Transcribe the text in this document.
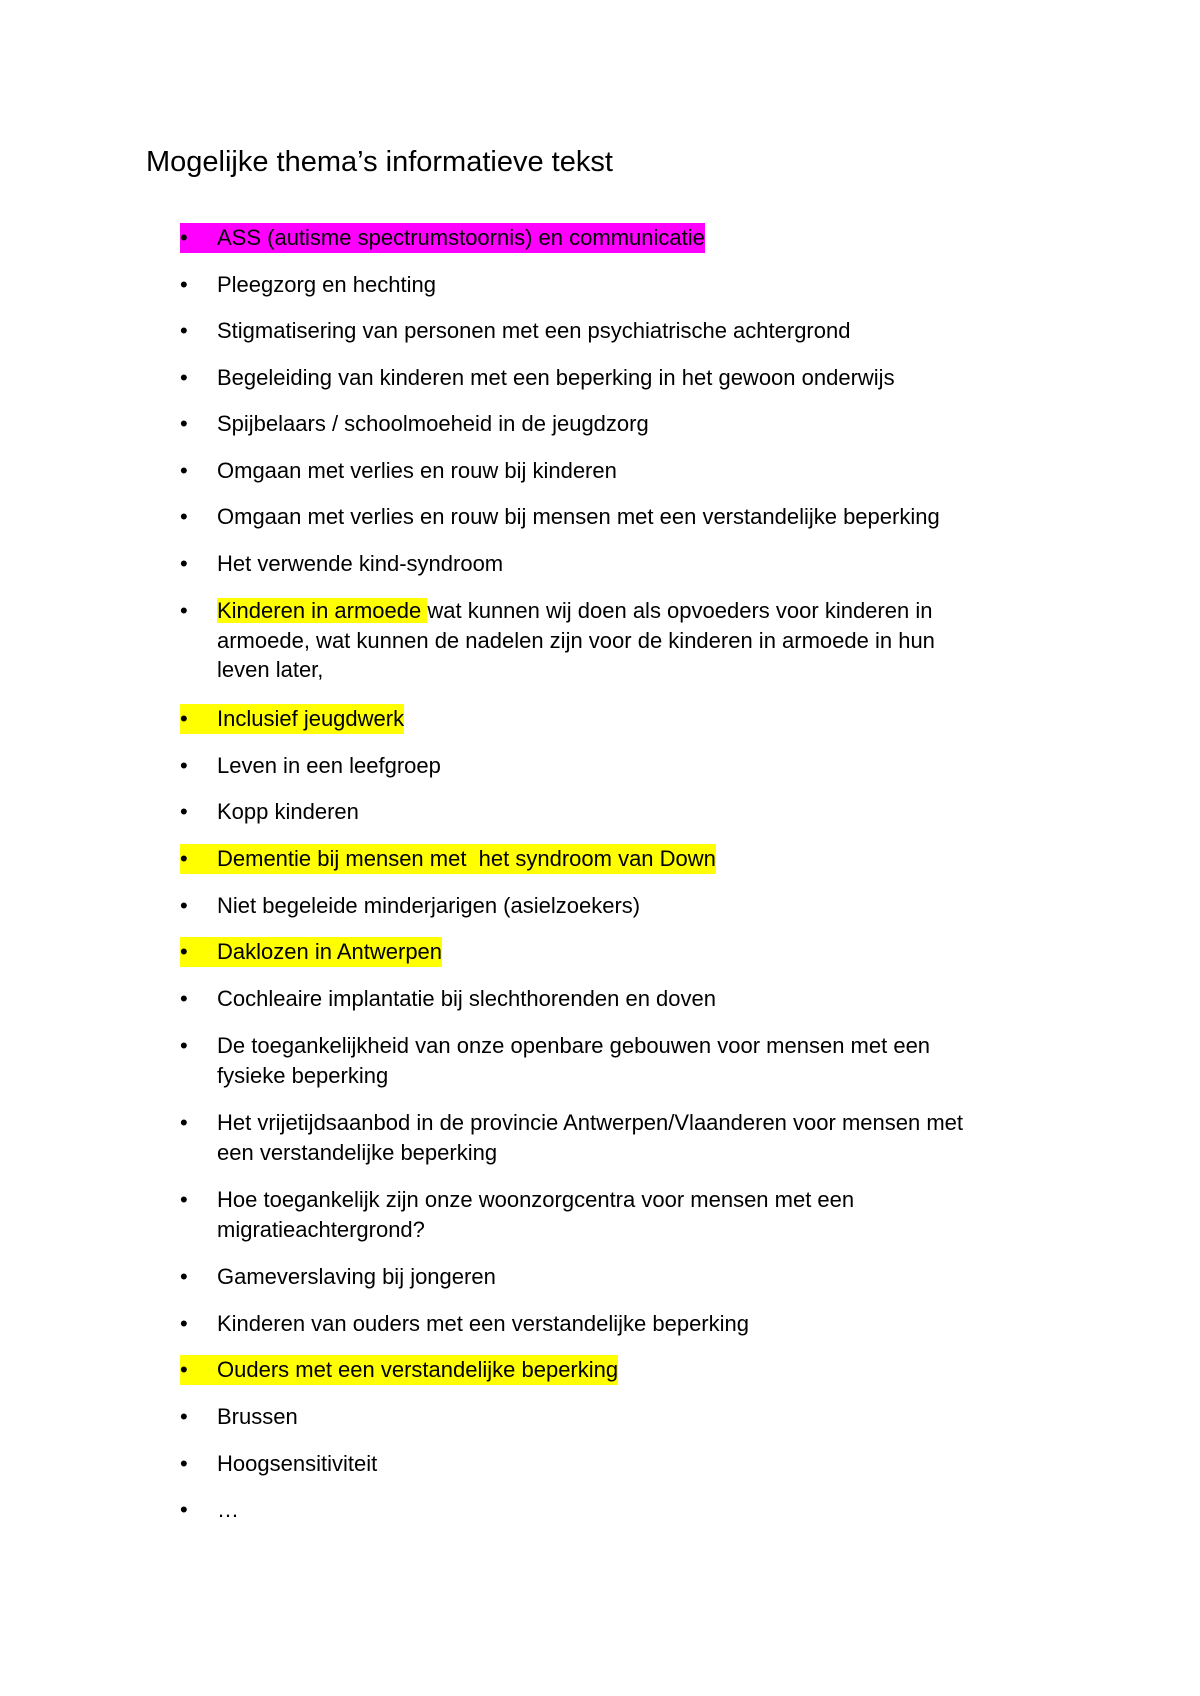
Mogelijke thema’s informatieve tekst
• ASS (autisme spectrumstoornis) en communicatie
• Pleegzorg en hechting
• Stigmatisering van personen met een psychiatrische achtergrond
• Begeleiding van kinderen met een beperking in het gewoon onderwijs
• Spijbelaars / schoolmoeheid in de jeugdzorg
• Omgaan met verlies en rouw bij kinderen
• Omgaan met verlies en rouw bij mensen met een verstandelijke beperking
• Het verwende kind-syndroom
• Kinderen in armoede wat kunnen wij doen als opvoeders voor kinderen in
armoede, wat kunnen de nadelen zijn voor de kinderen in armoede in hun
leven later,
• Inclusief jeugdwerk
• Leven in een leefgroep
• Kopp kinderen
• Dementie bij mensen met  het syndroom van Down
• Niet begeleide minderjarigen (asielzoekers)
• Daklozen in Antwerpen
• Cochleaire implantatie bij slechthorenden en doven
• De toegankelijkheid van onze openbare gebouwen voor mensen met een
fysieke beperking
• Het vrijetijdsaanbod in de provincie Antwerpen/Vlaanderen voor mensen met
een verstandelijke beperking
• Hoe toegankelijk zijn onze woonzorgcentra voor mensen met een
migratieachtergrond?
• Gameverslaving bij jongeren
• Kinderen van ouders met een verstandelijke beperking
• Ouders met een verstandelijke beperking
• Brussen
• Hoogsensitiviteit
• …
